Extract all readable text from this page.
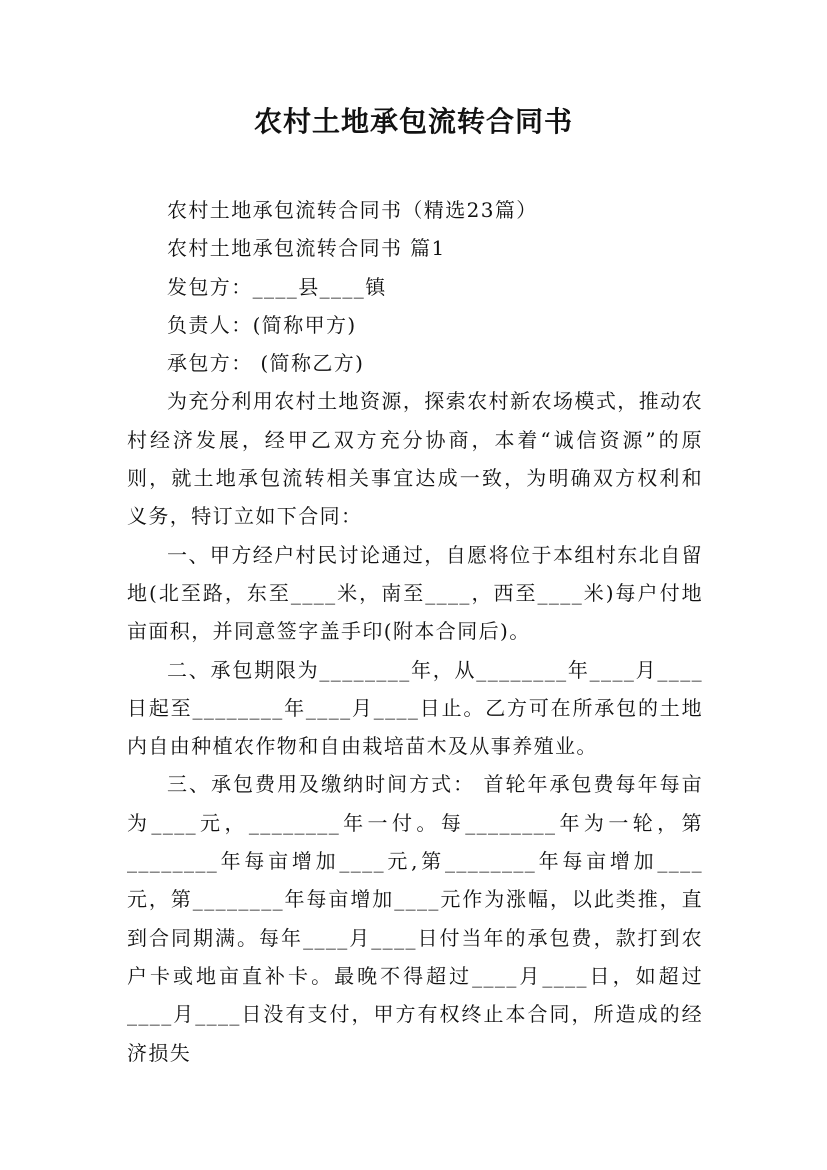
农村土地承包流转合同书

农村土地承包流转合同书（精选23篇）

农村土地承包流转合同书 篇1

发包方：____县____镇

负责人：(简称甲方)

承包方： (简称乙方)

为充分利用农村土地资源，探索农村新农场模式，推动农村经济发展，经甲乙双方充分协商，本着“诚信资源”的原则，就土地承包流转相关事宜达成一致，为明确双方权利和义务，特订立如下合同：

一、甲方经户村民讨论通过，自愿将位于本组村东北自留地(北至路，东至____米，南至____，西至____米)每户付地亩面积，并同意签字盖手印(附本合同后)。

二、承包期限为________年，从________年____月____日起至________年____月____日止。乙方可在所承包的土地内自由种植农作物和自由栽培苗木及从事养殖业。

三、承包费用及缴纳时间方式： 首轮年承包费每年每亩为____元，________年一付。每________年为一轮，第________年每亩增加____元,第________年每亩增加____元，第________年每亩增加____元作为涨幅，以此类推，直到合同期满。每年____月____日付当年的承包费，款打到农户卡或地亩直补卡。最晚不得超过____月____日，如超过____月____日没有支付，甲方有权终止本合同，所造成的经济损失
